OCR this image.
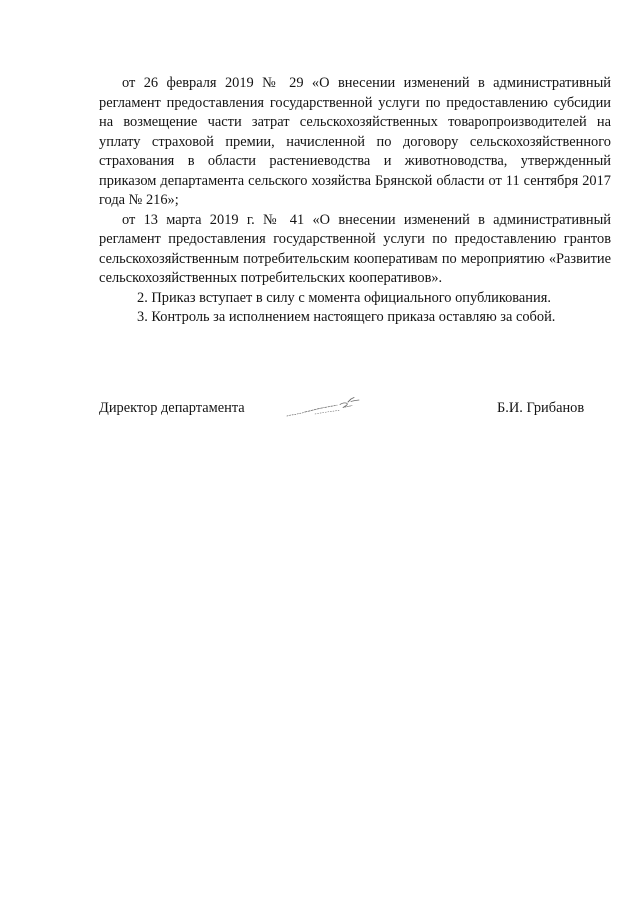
от 26 февраля 2019 № 29 «О внесении изменений в административный регламент предоставления государственной услуги по предоставлению субсидии на возмещение части затрат сельскохозяйственных товаропроизводителей на уплату страховой премии, начисленной по договору сельскохозяйственного страхования в области растениеводства и животноводства, утвержденный приказом департамента сельского хозяйства Брянской области от 11 сентября 2017 года № 216»;

от 13 марта 2019 г. № 41 «О внесении изменений в административный регламент предоставления государственной услуги по предоставлению грантов сельскохозяйственным потребительским кооперативам по мероприятию «Развитие сельскохозяйственных потребительских кооперативов».

2. Приказ вступает в силу с момента официального опубликования.

3. Контроль за исполнением настоящего приказа оставляю за собой.

Директор департамента	Б.И. Грибанов
